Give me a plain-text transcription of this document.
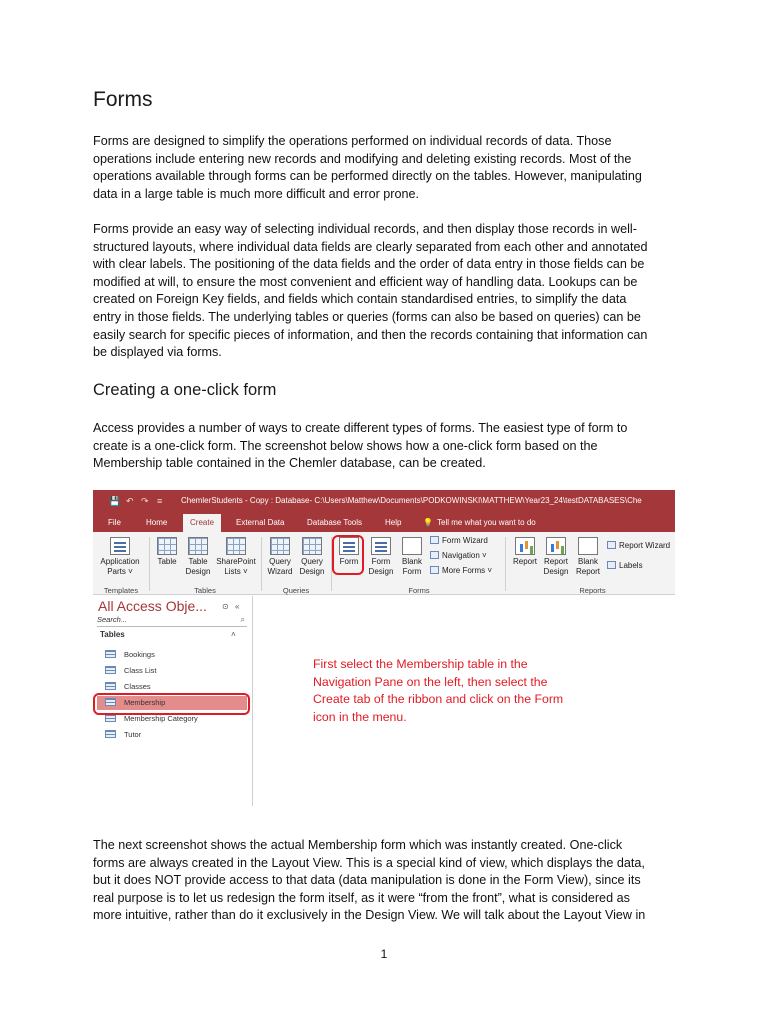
Forms
Forms are designed to simplify the operations performed on individual records of data. Those
operations include entering new records and modifying and deleting existing records. Most of the
operations available through forms can be performed directly on the tables. However, manipulating
data in a large table is much more difficult and error prone.
Forms provide an easy way of selecting individual records, and then display those records in well-
structured layouts, where individual data fields are clearly separated from each other and annotated
with clear labels. The positioning of the data fields and the order of data entry in those fields can be
modified at will, to ensure the most convenient and efficient way of handling data. Lookups can be
created on Foreign Key fields, and fields which contain standardised entries, to simplify the data
entry in those fields. The underlying tables or queries (forms can also be based on queries) can be
easily search for specific pieces of information, and then the records containing that information can
be displayed via forms.
Creating a one-click form
Access provides a number of ways to create different types of forms. The easiest type of form to
create is a one-click form. The screenshot below shows how a one-click form based on the
Membership table contained in the Chemler database, can be created.
💾 ↶ ↷ ≡ ChemlerStudents - Copy : Database- C:\Users\Matthew\Documents\PODKOWINSKI\MATTHEW\Year23_24\testDATABASES\Che
File	Home	Create	External Data	Database Tools	Help	💡 Tell me what you want to do
Application
Parts ˅
Table	Table
Design
SharePoint
Lists ˅
Query
Wizard
Query
Design
Form	Form
Design
Blank
Form
Form Wizard
Navigation ˅
More Forms ˅
Report Report
Design
Blank
Report
Report Wizard
Labels
Templates	Tables	Queries	Forms	Reports
All Access Obje... ⊙ «
Search...	⌕
Tables	˄
Bookings
Class List
Classes
Membership
Membership Category
Tutor
First select the Membership table in the
Navigation Pane on the left, then select the
Create tab of the ribbon and click on the Form
icon in the menu.
The next screenshot shows the actual Membership form which was instantly created. One-click
forms are always created in the Layout View. This is a special kind of view, which displays the data,
but it does NOT provide access to that data (data manipulation is done in the Form View), since its
real purpose is to let us redesign the form itself, as it were “from the front”, what is considered as
more intuitive, rather than do it exclusively in the Design View. We will talk about the Layout View in
1
